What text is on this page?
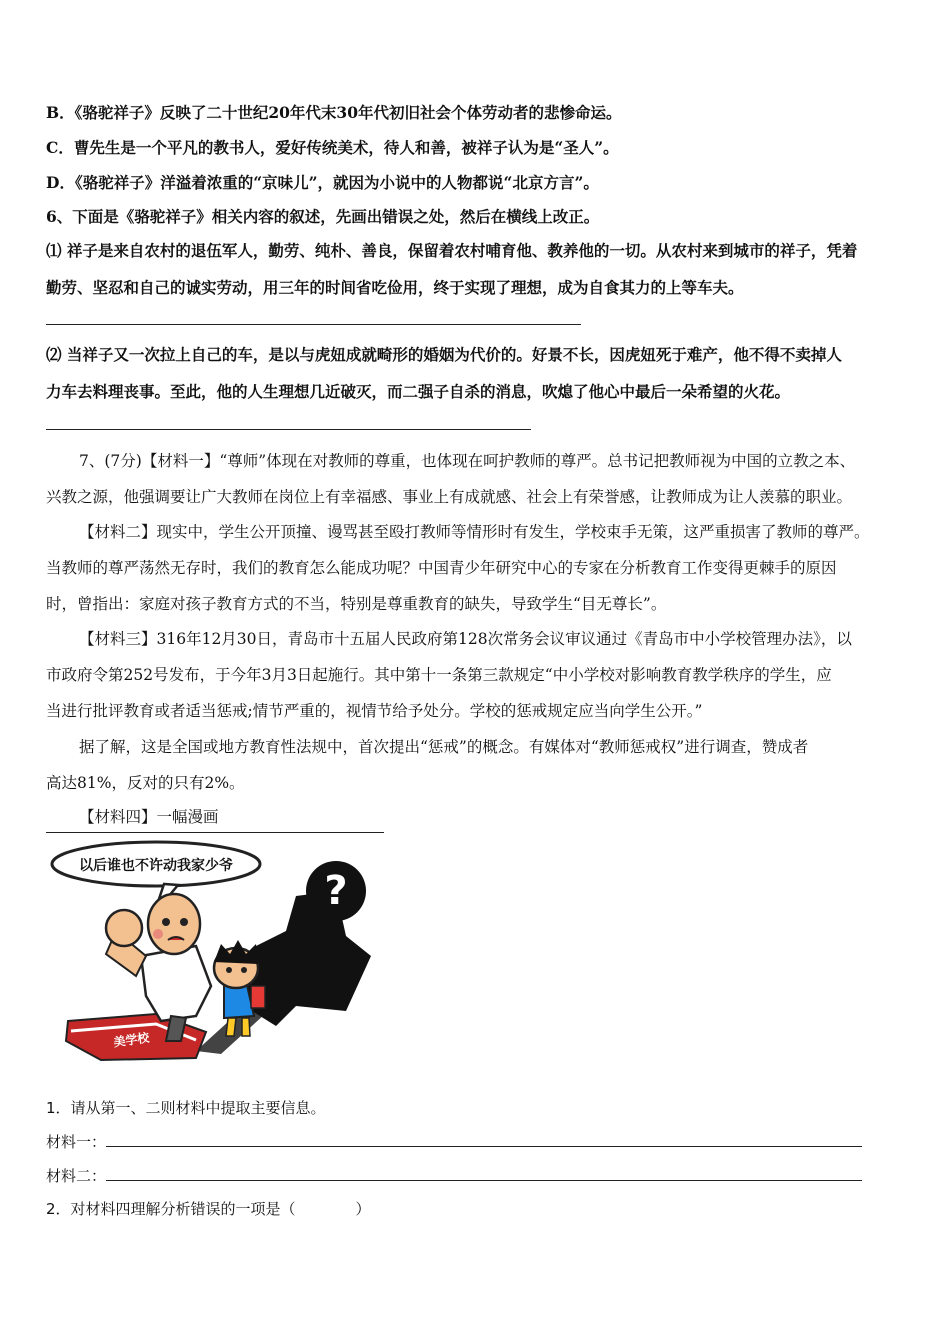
B．《骆驼祥子》反映了二十世纪20年代末30年代初旧社会个体劳动者的悲惨命运。
C．曹先生是一个平凡的教书人，爱好传统美术，待人和善，被祥子认为是“圣人”。
D．《骆驼祥子》洋溢着浓重的“京味儿”，就因为小说中的人物都说“北京方言”。
6、下面是《骆驼祥子》相关内容的叙述，先画出错误之处，然后在横线上改正。
⑴ 祥子是来自农村的退伍军人，勤劳、纯朴、善良，保留着农村哺育他、教养他的一切。从农村来到城市的祥子，凭着
勤劳、坚忍和自己的诚实劳动，用三年的时间省吃俭用，终于实现了理想，成为自食其力的上等车夫。
⑵ 当祥子又一次拉上自己的车，是以与虎妞成就畸形的婚姻为代价的。好景不长，因虎妞死于难产，他不得不卖掉人
力车去料理丧事。至此，他的人生理想几近破灭，而二强子自杀的消息，吹熄了他心中最后一朵希望的火花。
7、(7分)【材料一】“尊师”体现在对教师的尊重，也体现在呵护教师的尊严。总书记把教师视为中国的立教之本、
兴教之源，他强调要让广大教师在岗位上有幸福感、事业上有成就感、社会上有荣誉感，让教师成为让人羡慕的职业。
【材料二】现实中，学生公开顶撞、谩骂甚至殴打教师等情形时有发生，学校束手无策，这严重损害了教师的尊严。
当教师的尊严荡然无存时，我们的教育怎么能成功呢？中国青少年研究中心的专家在分析教育工作变得更棘手的原因
时，曾指出：家庭对孩子教育方式的不当，特别是尊重教育的缺失，导致学生“目无尊长”。
【材料三】316年12月30日，青岛市十五届人民政府第128次常务会议审议通过《青岛市中小学校管理办法》，以
市政府令第252号发布，于今年3月3日起施行。其中第十一条第三款规定“中小学校对影响教育教学秩序的学生，应
当进行批评教育或者适当惩戒;情节严重的，视情节给予处分。学校的惩戒规定应当向学生公开。”
据了解，这是全国或地方教育性法规中，首次提出“惩戒”的概念。有媒体对“教师惩戒权”进行调查，赞成者
高达81%，反对的只有2%。
【材料四】一幅漫画
以后谁也不许动我家少爷
?
美学校
1．请从第一、二则材料中提取主要信息。
材料一：
材料二：
2．对材料四理解分析错误的一项是（　　　　）
